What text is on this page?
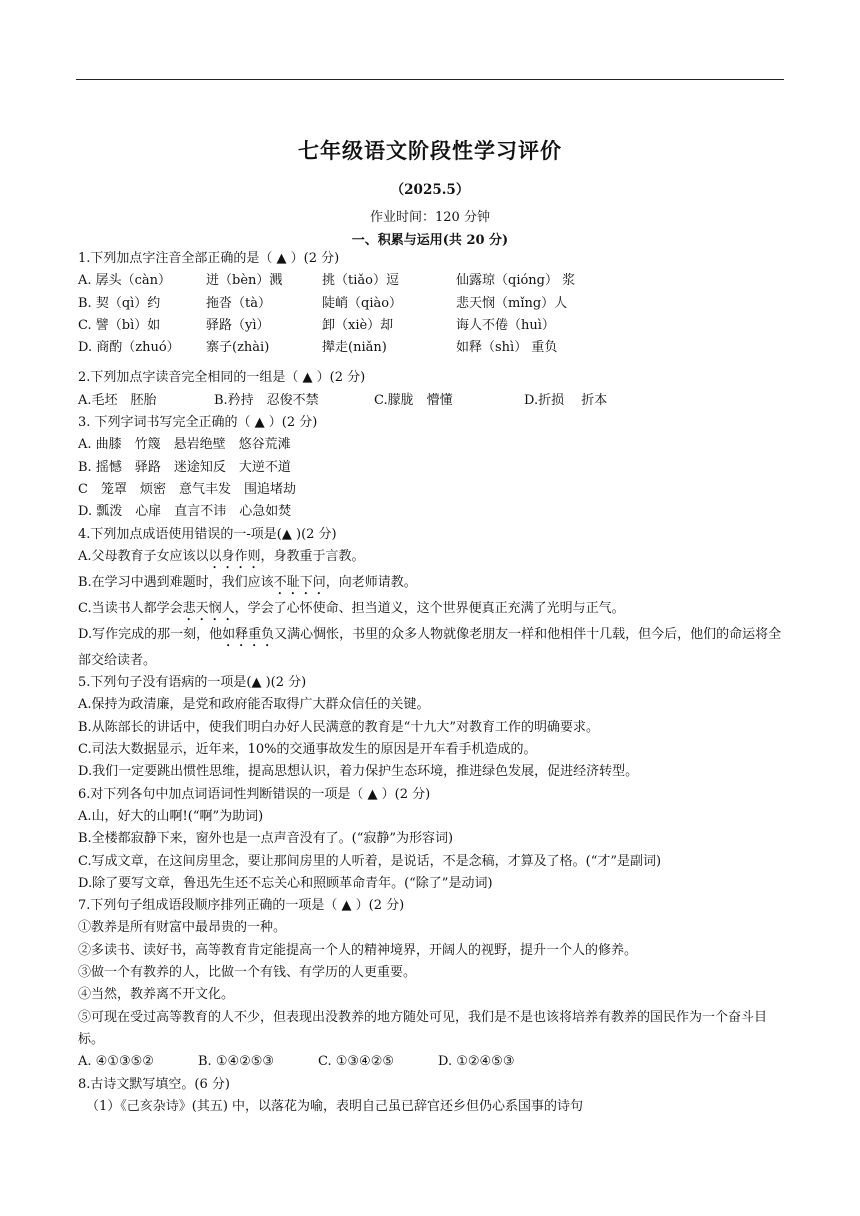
七年级语文阶段性学习评价
（2025.5）
作业时间：120 分钟
一、积累与运用(共 20 分)
1.下列加点字注音全部正确的是（ ▲ ）(2 分)
A. 孱头（càn）	迸（bèn）溅	挑（tiǎo）逗	仙露琼（qióng） 浆
B. 契（qì）约	拖沓（tà）	陡峭（qiào）	悲天悯（mǐng）人
C. 譬（bì）如	驿路（yì）	卸（xiè）却	诲人不倦（huì）
D. 商酌（zhuó） 寨子(zhài)	撵走(niǎn)	如释（shì） 重负
2.下列加点字读音完全相同的一组是（ ▲ ）(2 分)
A.毛坯　胚胎	B.矜持　忍俊不禁	C.朦胧　懵懂	D.折损　 折本
3. 下列字词书写完全正确的（ ▲ ）(2 分)
A. 曲膝　竹篾　悬岩绝壁　悠谷荒滩
B. 摇憾　驿路　迷途知反　大逆不道
C　笼罩　烦密　意气丰发　围追堵劫
D. 瓢泼　心扉　直言不讳　心急如焚
4.下列加点成语使用错误的一-项是(▲ )(2 分)
A.父母教育子女应该以以身作则，身教重于言教。
B.在学习中遇到难题时，我们应该不耻下问，向老师请教。
C.当读书人都学会悲天悯人，学会了心怀使命、担当道义，这个世界便真正充满了光明与正气。
D.写作完成的那一刻，他如释重负又满心惆怅，书里的众多人物就像老朋友一样和他相伴十几载，但今后，他们的命运将全部交给读者。
5.下列句子没有语病的一项是(▲ )(2 分)
A.保持为政清廉，是党和政府能否取得广大群众信任的关键。
B.从陈部长的讲话中，使我们明白办好人民满意的教育是“十九大”对教育工作的明确要求。
C.司法大数据显示，近年来，10%的交通事故发生的原因是开车看手机造成的。
D.我们一定要跳出惯性思维，提高思想认识，着力保护生态环境，推进绿色发展，促进经济转型。
6.对下列各句中加点词语词性判断错误的一项是（ ▲ ）(2 分)
A.山，好大的山啊!(“啊”为助词)
B.全楼都寂静下来，窗外也是一点声音没有了。(“寂静”为形容词)
C.写成文章，在这间房里念，要让那间房里的人听着，是说话，不是念稿，才算及了格。(“才”是副词)
D.除了要写文章，鲁迅先生还不忘关心和照顾革命青年。(“除了”是动词)
7.下列句子组成语段顺序排列正确的一项是（ ▲ ）(2 分)
①教养是所有财富中最昂贵的一种。
②多读书、读好书，高等教育肯定能提高一个人的精神境界，开阔人的视野，提升一个人的修养。
③做一个有教养的人，比做一个有钱、有学历的人更重要。
④当然，教养离不开文化。
⑤可现在受过高等教育的人不少，但表现出没教养的地方随处可见，我们是不是也该将培养有教养的国民作为一个奋斗目标。
A. ④①③⑤②	B. ①④②⑤③	C. ①③④②⑤	D. ①②④⑤③
8.古诗文默写填空。(6 分)
（1）《己亥杂诗》(其五) 中，以落花为喻，表明自己虽已辞官还乡但仍心系国事的诗句
